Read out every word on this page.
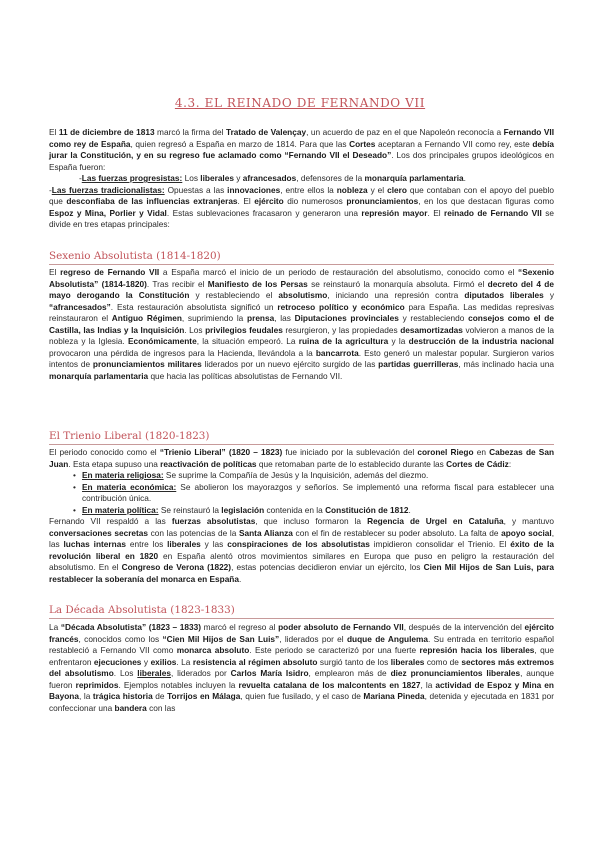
4.3. EL REINADO DE FERNANDO VII

El 11 de diciembre de 1813 marcó la firma del Tratado de Valençay, un acuerdo de paz en el que Napoleón reconocía a Fernando VII como rey de España, quien regresó a España en marzo de 1814. Para que las Cortes aceptaran a Fernando VII como rey, este debía jurar la Constitución, y en su regreso fue aclamado como “Fernando VII el Deseado”. Los dos principales grupos ideológicos en España fueron:

-Las fuerzas progresistas: Los liberales y afrancesados, defensores de la monarquía parlamentaria.

-Las fuerzas tradicionalistas: Opuestas a las innovaciones, entre ellos la nobleza y el clero que contaban con el apoyo del pueblo que desconfiaba de las influencias extranjeras. El ejército dio numerosos pronunciamientos, en los que destacan figuras como Espoz y Mina, Porlier y Vidal. Estas sublevaciones fracasaron y generaron una represión mayor. El reinado de Fernando VII se divide en tres etapas principales:

Sexenio Absolutista (1814-1820)

El regreso de Fernando VII a España marcó el inicio de un periodo de restauración del absolutismo, conocido como el “Sexenio Absolutista” (1814-1820). Tras recibir el Manifiesto de los Persas se reinstauró la monarquía absoluta. Firmó el decreto del 4 de mayo derogando la Constitución y restableciendo el absolutismo, iniciando una represión contra diputados liberales y “afrancesados”. Esta restauración absolutista significó un retroceso político y económico para España. Las medidas represivas reinstauraron el Antiguo Régimen, suprimiendo la prensa, las Diputaciones provinciales y restableciendo consejos como el de Castilla, las Indias y la Inquisición. Los privilegios feudales resurgieron, y las propiedades desamortizadas volvieron a manos de la nobleza y la Iglesia. Económicamente, la situación empeoró. La ruina de la agricultura y la destrucción de la industria nacional provocaron una pérdida de ingresos para la Hacienda, llevándola a la bancarrota. Esto generó un malestar popular. Surgieron varios intentos de pronunciamientos militares liderados por un nuevo ejército surgido de las partidas guerrilleras, más inclinado hacia una monarquía parlamentaria que hacia las políticas absolutistas de Fernando VII.

El Trienio Liberal (1820-1823)

El periodo conocido como el “Trienio Liberal” (1820 – 1823) fue iniciado por la sublevación del coronel Riego en Cabezas de San Juan. Esta etapa supuso una reactivación de políticas que retomaban parte de lo establecido durante las Cortes de Cádiz:

• En materia religiosa: Se suprime la Compañía de Jesús y la Inquisición, además del diezmo.
• En materia económica: Se abolieron los mayorazgos y señoríos. Se implementó una reforma fiscal para establecer una contribución única.
• En materia política: Se reinstauró la legislación contenida en la Constitución de 1812.

Fernando VII respaldó a las fuerzas absolutistas, que incluso formaron la Regencia de Urgel en Cataluña, y mantuvo conversaciones secretas con las potencias de la Santa Alianza con el fin de restablecer su poder absoluto. La falta de apoyo social, las luchas internas entre los liberales y las conspiraciones de los absolutistas impidieron consolidar el Trienio. El éxito de la revolución liberal en 1820 en España alentó otros movimientos similares en Europa que puso en peligro la restauración del absolutismo. En el Congreso de Verona (1822), estas potencias decidieron enviar un ejército, los Cien Mil Hijos de San Luis, para restablecer la soberanía del monarca en España.

La Década Absolutista (1823-1833)

La “Década Absolutista” (1823 – 1833) marcó el regreso al poder absoluto de Fernando VII, después de la intervención del ejército francés, conocidos como los “Cien Mil Hijos de San Luis”, liderados por el duque de Angulema. Su entrada en territorio español restableció a Fernando VII como monarca absoluto. Este periodo se caracterizó por una fuerte represión hacia los liberales, que enfrentaron ejecuciones y exilios. La resistencia al régimen absoluto surgió tanto de los liberales como de sectores más extremos del absolutismo. Los liberales, liderados por Carlos María Isidro, emplearon más de diez pronunciamientos liberales, aunque fueron reprimidos. Ejemplos notables incluyen la revuelta catalana de los malcontents en 1827, la actividad de Espoz y Mina en Bayona, la trágica historia de Torrijos en Málaga, quien fue fusilado, y el caso de Mariana Pineda, detenida y ejecutada en 1831 por confeccionar una bandera con las
